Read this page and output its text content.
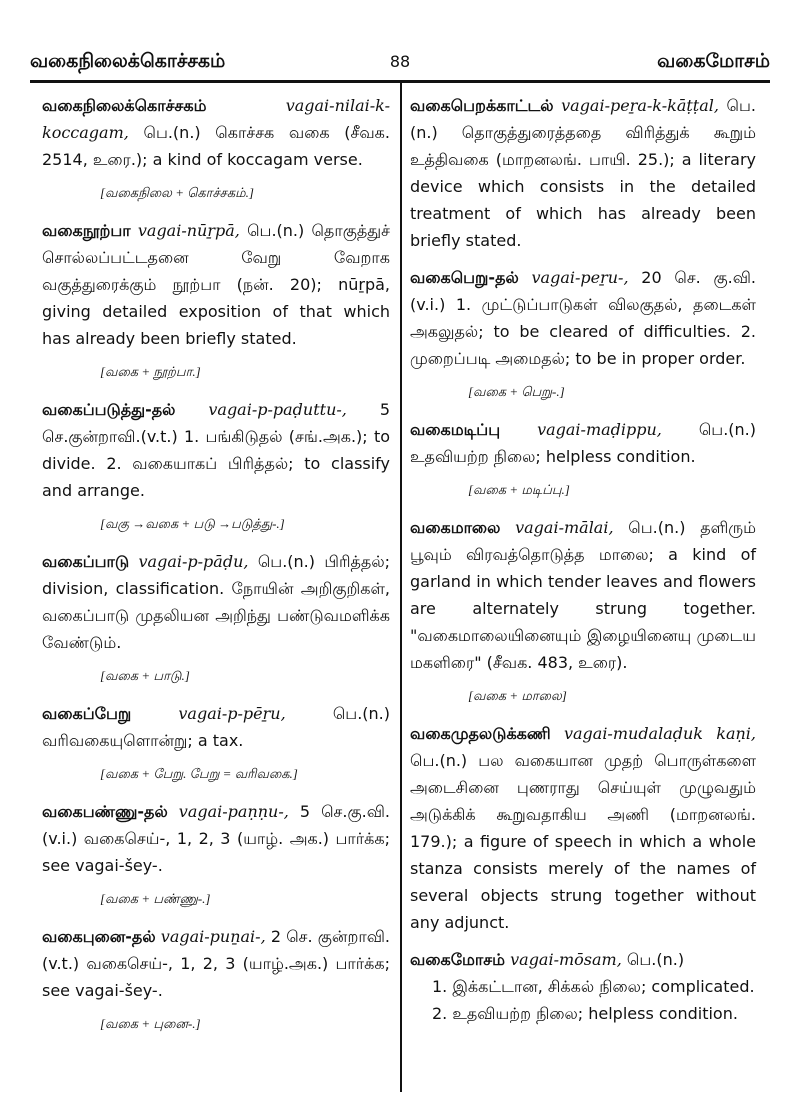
வகைநிலைக்கொச்சகம்	88	வகைமோசம்
வகைநிலைக்கொச்சகம்	vagai-nilai-k-koccagam, பெ.(n.) கொச்சக வகை (சீவக. 2514, உரை.); a kind of koccagam verse.
[வகைநிலை + கொச்சகம்.]
வகைநூற்பா vagai-nūṟpā, பெ.(n.) தொகுத்துச் சொல்லப்பட்டதனை வேறு வேறாக வகுத்துரைக்கும் நூற்பா (நன். 20); nūṟpā, giving detailed exposition of that which has already been briefly stated.
[வகை + நூற்பா.]
வகைப்படுத்து-தல் vagai-p-paḍuttu-, 5 செ.குன்றாவி.(v.t.) 1. பங்கிடுதல் (சங்.அக.); to divide. 2. வகையாகப் பிரித்தல்; to classify and arrange.
[வகு →வகை + படு →படுத்து-.]
வகைப்பாடு vagai-p-pāḍu, பெ.(n.) பிரித்தல்; division, classification. நோயின் அறிகுறிகள், வகைப்பாடு முதலியன அறிந்து பண்டுவமளிக்க வேண்டும்.
[வகை + பாடு.]
வகைப்பேறு	vagai-p-pēṟu,	பெ.(n.) வரிவகையுளொன்று; a tax.
[வகை + பேறு. பேறு = வரிவகை.]
வகைபண்ணு-தல் vagai-paṇṇu-, 5 செ.கு.வி.(v.i.) வகைசெய்-, 1, 2, 3 (யாழ். அக.) பார்க்க; see vagai-šey-.
[வகை + பண்ணு-.]
வகைபுனை-தல் vagai-puṉai-, 2 செ. குன்றாவி.(v.t.) வகைசெய்-, 1, 2, 3 (யாழ்.அக.) பார்க்க; see vagai-šey-.
[வகை + புனை-.]
வகைபெறக்காட்டல் vagai-peṟa-k-kāṭṭal, பெ.(n.) தொகுத்துரைத்ததை விரித்துக் கூறும் உத்திவகை (மாறனலங். பாயி. 25.); a literary device which consists in the detailed treatment of which has already been briefly stated.
வகைபெறு-தல் vagai-peṟu-, 20 செ. கு.வி.(v.i.) 1. முட்டுப்பாடுகள் விலகுதல், தடைகள் அகலுதல்; to be cleared of difficulties. 2. முறைப்படி அமைதல்; to be in proper order.
[வகை + பெறு-.]
வகைமடிப்பு vagai-maḍippu, பெ.(n.) உதவியற்ற நிலை; helpless condition.
[வகை + மடிப்பு.]
வகைமாலை vagai-mālai, பெ.(n.) தளிரும் பூவும் விரவத்தொடுத்த மாலை; a kind of garland in which tender leaves and flowers are alternately strung together. "வகைமாலையினையும் இழையினையு முடைய மகளிரை" (சீவக. 483, உரை).
[வகை + மாலை]
வகைமுதலடுக்கணி vagai-mudalaḍuk kaṇi, பெ.(n.) பல வகையான முதற் பொருள்களை அடைசினை புணராது செய்யுள் முழுவதும் அடுக்கிக் கூறுவதாகிய அணி (மாறனலங். 179.); a figure of speech in which a whole stanza consists merely of the names of several objects strung together without any adjunct.
வகைமோசம் vagai-mōsam, பெ.(n.)
1. இக்கட்டான, சிக்கல் நிலை; complicated.
2. உதவியற்ற நிலை; helpless condition.
